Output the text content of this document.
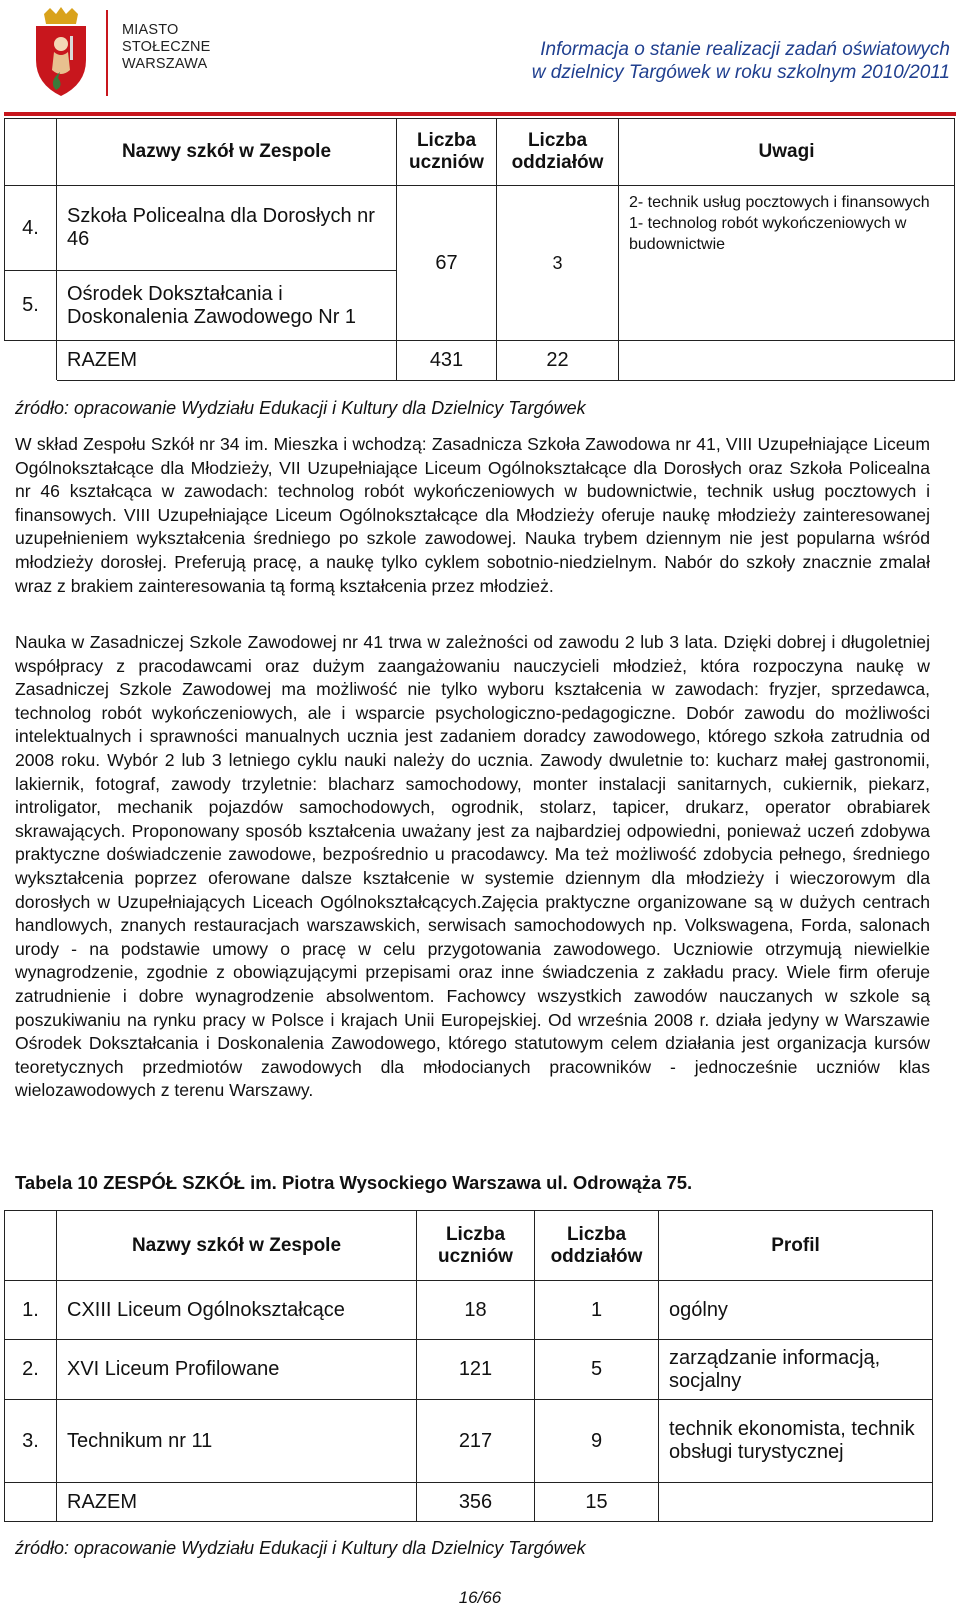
MIASTO
STOŁECZNE
WARSZAWA
Informacja o stanie realizacji zadań oświatowych
w dzielnicy Targówek w roku szkolnym 2010/2011
	Nazwy szkół w Zespole	Liczba uczniów	Liczba oddziałów	Uwagi
4.	Szkoła Policealna dla Dorosłych nr 46	67	3	2- technik usług pocztowych i finansowych 1- technolog robót wykończeniowych w budownictwie
5.	Ośrodek Dokształcania i Doskonalenia Zawodowego Nr 1			
	RAZEM	431	22	
źródło: opracowanie Wydziału Edukacji i Kultury dla Dzielnicy Targówek
W skład Zespołu Szkół nr 34 im. Mieszka i wchodzą: Zasadnicza Szkoła Zawodowa nr 41, VIII Uzupełniające Liceum Ogólnokształcące dla Młodzieży, VII Uzupełniające Liceum Ogólnokształcące dla Dorosłych oraz Szkoła Policealna nr 46 kształcąca w zawodach: technolog robót wykończeniowych w budownictwie, technik usług pocztowych i finansowych. VIII Uzupełniające Liceum Ogólnokształcące dla Młodzieży oferuje naukę młodzieży zainteresowanej uzupełnieniem wykształcenia średniego po szkole zawodowej. Nauka trybem dziennym nie jest popularna wśród młodzieży dorosłej. Preferują pracę, a naukę tylko cyklem sobotnio-niedzielnym. Nabór do szkoły znacznie zmalał wraz z brakiem zainteresowania tą formą kształcenia przez młodzież.
Nauka w Zasadniczej Szkole Zawodowej nr 41 trwa w zależności od zawodu 2 lub 3 lata. Dzięki dobrej i długoletniej współpracy z pracodawcami oraz dużym zaangażowaniu nauczycieli młodzież, która rozpoczyna naukę w Zasadniczej Szkole Zawodowej ma możliwość nie tylko wyboru kształcenia w zawodach: fryzjer, sprzedawca, technolog robót wykończeniowych, ale i wsparcie psychologiczno-pedagogiczne. Dobór zawodu do możliwości intelektualnych i sprawności manualnych ucznia jest zadaniem doradcy zawodowego, którego szkoła zatrudnia od 2008 roku. Wybór 2 lub 3 letniego cyklu nauki należy do ucznia. Zawody dwuletnie to: kucharz małej gastronomii, lakiernik, fotograf, zawody trzyletnie: blacharz samochodowy, monter instalacji sanitarnych, cukiernik, piekarz, introligator, mechanik pojazdów samochodowych, ogrodnik, stolarz, tapicer, drukarz, operator obrabiarek skrawających. Proponowany sposób kształcenia uważany jest za najbardziej odpowiedni, ponieważ uczeń zdobywa praktyczne doświadczenie zawodowe, bezpośrednio u pracodawcy. Ma też możliwość zdobycia pełnego, średniego wykształcenia poprzez oferowane dalsze kształcenie w systemie dziennym dla młodzieży i wieczorowym dla dorosłych w Uzupełniających Liceach Ogólnokształcących.Zajęcia praktyczne organizowane są w dużych centrach handlowych, znanych restauracjach warszawskich, serwisach samochodowych np. Volkswagena, Forda, salonach urody - na podstawie umowy o pracę w celu przygotowania zawodowego. Uczniowie otrzymują niewielkie wynagrodzenie, zgodnie z obowiązującymi przepisami oraz inne świadczenia z zakładu pracy. Wiele firm oferuje zatrudnienie i dobre wynagrodzenie absolwentom. Fachowcy wszystkich zawodów nauczanych w szkole są poszukiwaniu na rynku pracy w Polsce i krajach Unii Europejskiej. Od września 2008 r. działa jedyny w Warszawie Ośrodek Dokształcania i Doskonalenia Zawodowego, którego statutowym celem działania jest organizacja kursów teoretycznych przedmiotów zawodowych dla młodocianych pracowników - jednocześnie uczniów klas wielozawodowych z terenu Warszawy.
Tabela 10 ZESPÓŁ SZKÓŁ im. Piotra Wysockiego Warszawa ul. Odrowąża 75.
	Nazwy szkół w Zespole	Liczba uczniów	Liczba oddziałów	Profil
1.	CXIII Liceum Ogólnokształcące	18	1	ogólny
2.	XVI Liceum Profilowane	121	5	zarządzanie informacją, socjalny
3.	Technikum nr 11	217	9	technik ekonomista, technik obsługi turystycznej
	RAZEM	356	15	
źródło: opracowanie Wydziału Edukacji i Kultury dla Dzielnicy Targówek
16/66
